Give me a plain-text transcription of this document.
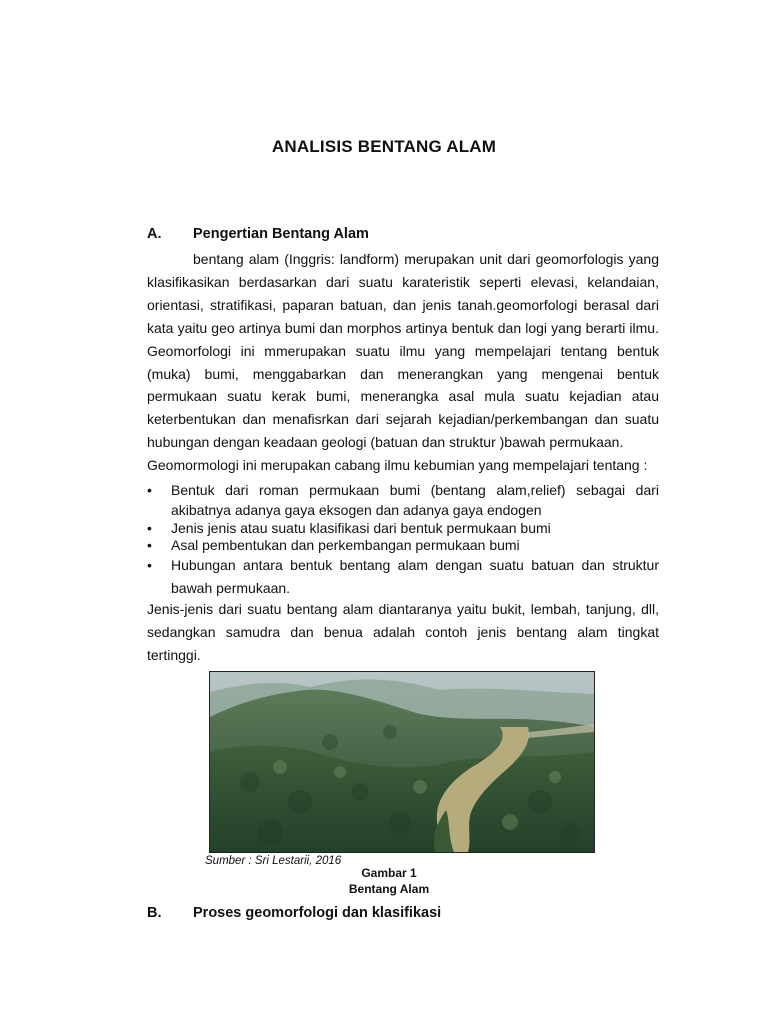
ANALISIS BENTANG ALAM
A. Pengertian Bentang Alam

bentang alam (Inggris: landform) merupakan unit dari geomorfologis yang klasifikasikan berdasarkan dari suatu karateristik seperti elevasi, kelandaian, orientasi, stratifikasi, paparan batuan, dan jenis tanah.geomorfologi berasal dari kata yaitu geo artinya bumi dan morphos artinya bentuk dan logi yang berarti ilmu. Geomorfologi ini mmerupakan suatu ilmu yang mempelajari tentang bentuk (muka) bumi, menggabarkan dan menerangkan yang mengenai bentuk permukaan suatu kerak bumi, menerangka asal mula suatu kejadian atau keterbentukan dan menafisrkan dari sejarah kejadian/perkembangan dan suatu hubungan dengan keadaan geologi (batuan dan struktur )bawah permukaan.

Geomormologi ini merupakan cabang ilmu kebumian yang mempelajari tentang :

• Bentuk dari roman permukaan bumi (bentang alam,relief) sebagai dari akibatnya adanya gaya eksogen dan adanya gaya endogen
• Jenis jenis atau suatu klasifikasi dari bentuk permukaan bumi
• Asal pembentukan dan perkembangan permukaan bumi
• Hubungan antara bentuk bentang alam dengan suatu batuan dan struktur bawah permukaan.

Jenis-jenis dari suatu bentang alam diantaranya yaitu bukit, lembah, tanjung, dll, sedangkan samudra dan benua adalah contoh jenis bentang alam tingkat tertinggi.

Sumber : Sri Lestarii, 2016
Gambar 1
Bentang Alam
B. Proses geomorfologi dan klasifikasi
